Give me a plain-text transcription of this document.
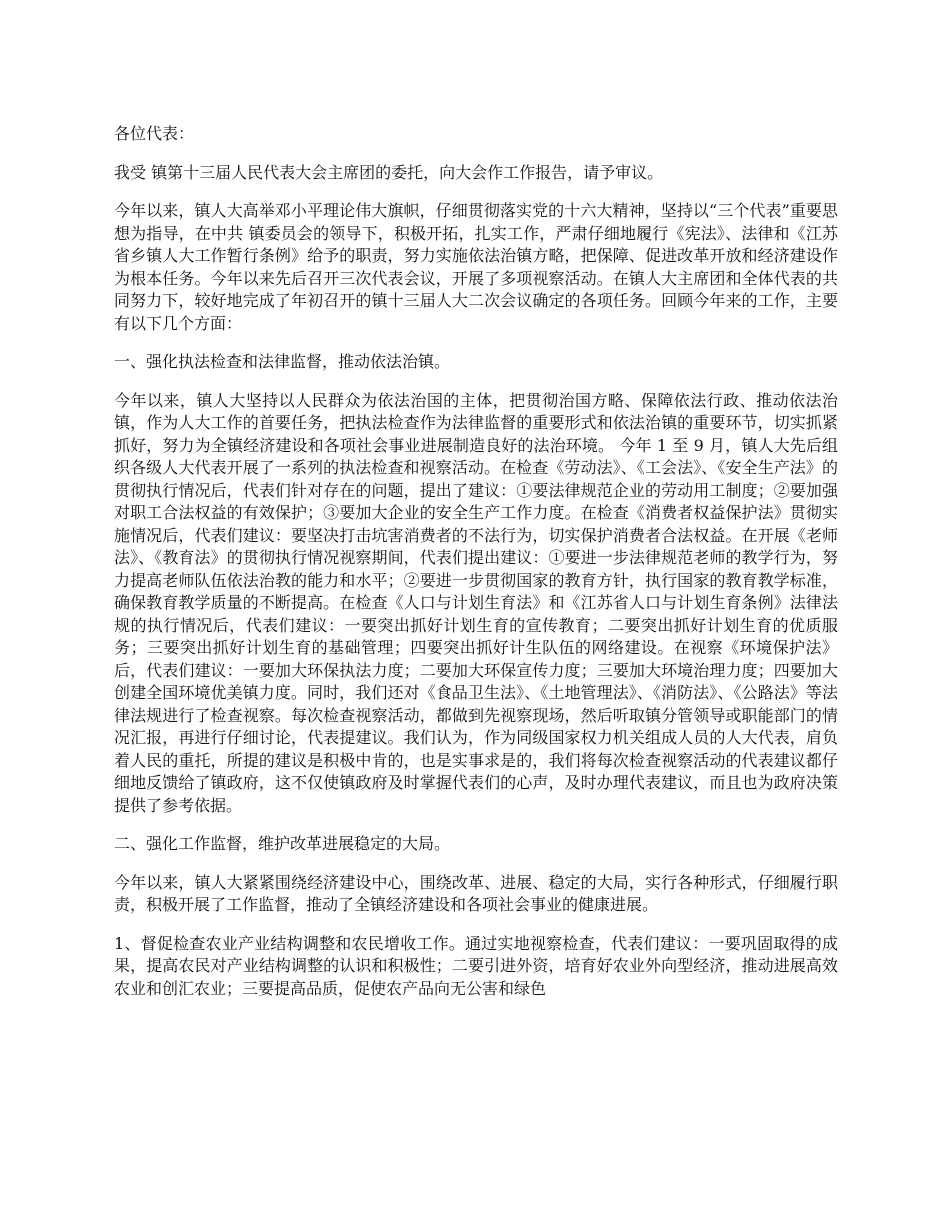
各位代表：

我受 镇第十三届人民代表大会主席团的委托，向大会作工作报告，请予审议。

今年以来，镇人大高举邓小平理论伟大旗帜，仔细贯彻落实党的十六大精神，坚持以“三个代表”重要思想为指导，在中共 镇委员会的领导下，积极开拓，扎实工作，严肃仔细地履行《宪法》、法律和《江苏省乡镇人大工作暂行条例》给予的职责，努力实施依法治镇方略，把保障、促进改革开放和经济建设作为根本任务。今年以来先后召开三次代表会议，开展了多项视察活动。在镇人大主席团和全体代表的共同努力下，较好地完成了年初召开的镇十三届人大二次会议确定的各项任务。回顾今年来的工作，主要有以下几个方面：

一、强化执法检查和法律监督，推动依法治镇。

今年以来，镇人大坚持以人民群众为依法治国的主体，把贯彻治国方略、保障依法行政、推动依法治镇，作为人大工作的首要任务，把执法检查作为法律监督的重要形式和依法治镇的重要环节，切实抓紧抓好，努力为全镇经济建设和各项社会事业进展制造良好的法治环境。 今年 1 至 9 月，镇人大先后组织各级人大代表开展了一系列的执法检查和视察活动。在检查《劳动法》、《工会法》、《安全生产法》的贯彻执行情况后，代表们针对存在的问题，提出了建议：①要法律规范企业的劳动用工制度；②要加强对职工合法权益的有效保护；③要加大企业的安全生产工作力度。在检查《消费者权益保护法》贯彻实施情况后，代表们建议：要坚决打击坑害消费者的不法行为，切实保护消费者合法权益。在开展《老师法》、《教育法》的贯彻执行情况视察期间，代表们提出建议：①要进一步法律规范老师的教学行为，努力提高老师队伍依法治教的能力和水平；②要进一步贯彻国家的教育方针，执行国家的教育教学标准，确保教育教学质量的不断提高。在检查《人口与计划生育法》和《江苏省人口与计划生育条例》法律法规的执行情况后，代表们建议：一要突出抓好计划生育的宣传教育；二要突出抓好计划生育的优质服务；三要突出抓好计划生育的基础管理；四要突出抓好计生队伍的网络建设。在视察《环境保护法》后，代表们建议：一要加大环保执法力度；二要加大环保宣传力度；三要加大环境治理力度；四要加大创建全国环境优美镇力度。同时，我们还对《食品卫生法》、《土地管理法》、《消防法》、《公路法》等法律法规进行了检查视察。每次检查视察活动，都做到先视察现场，然后听取镇分管领导或职能部门的情况汇报，再进行仔细讨论，代表提建议。我们认为，作为同级国家权力机关组成人员的人大代表，肩负着人民的重托，所提的建议是积极中肯的，也是实事求是的，我们将每次检查视察活动的代表建议都仔细地反馈给了镇政府，这不仅使镇政府及时掌握代表们的心声，及时办理代表建议，而且也为政府决策提供了参考依据。

二、强化工作监督，维护改革进展稳定的大局。

今年以来，镇人大紧紧围绕经济建设中心，围绕改革、进展、稳定的大局，实行各种形式，仔细履行职责，积极开展了工作监督，推动了全镇经济建设和各项社会事业的健康进展。

1、督促检查农业产业结构调整和农民增收工作。通过实地视察检查，代表们建议：一要巩固取得的成果，提高农民对产业结构调整的认识和积极性；二要引进外资，培育好农业外向型经济，推动进展高效农业和创汇农业；三要提高品质，促使农产品向无公害和绿色
